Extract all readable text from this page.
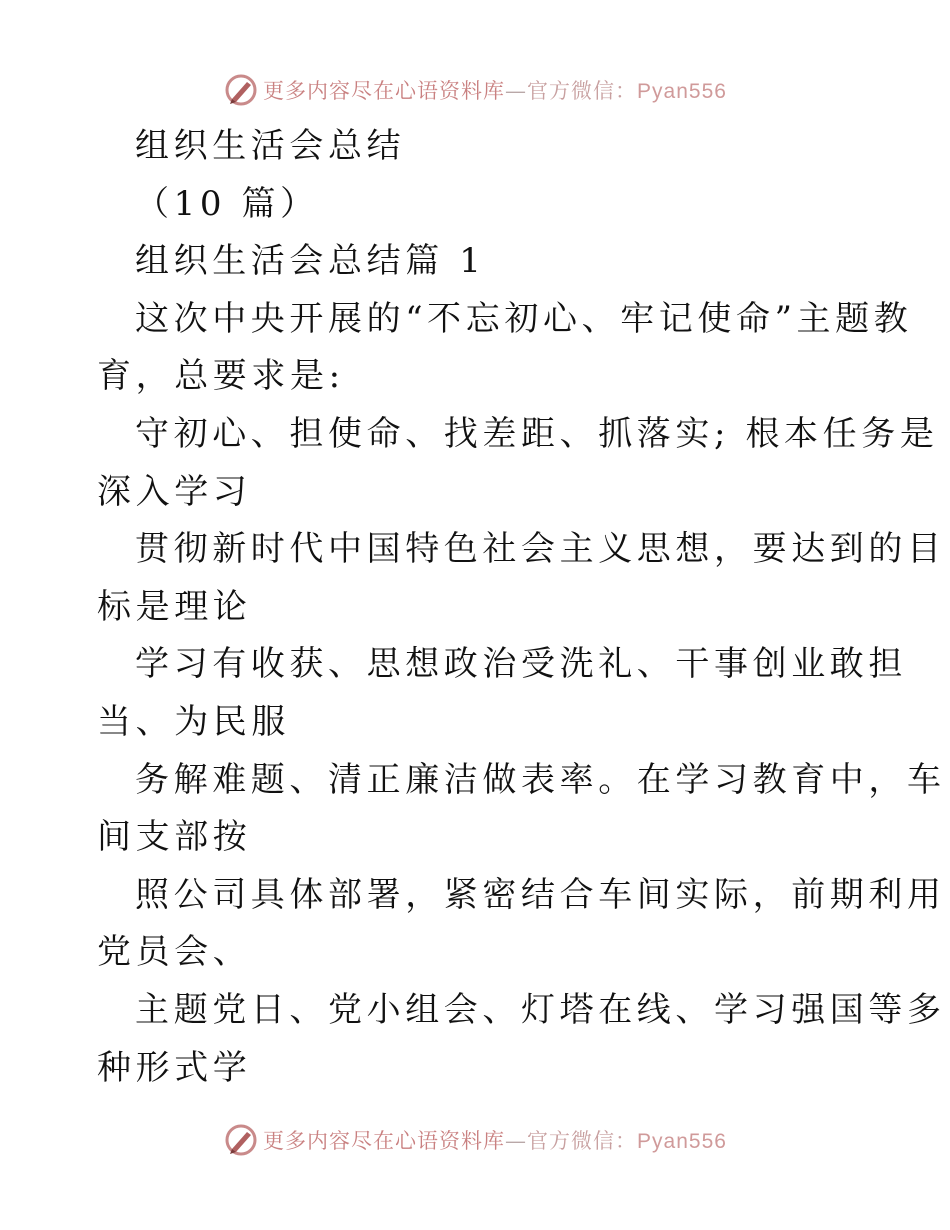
更多内容尽在心语资料库—官方微信：Pyan556
组织生活会总结
（10 篇）
组织生活会总结篇 1
这次中央开展的“不忘初心、牢记使命”主题教
育，总要求是:
守初心、担使命、找差距、抓落实; 根本任务是
深入学习
贯彻新时代中国特色社会主义思想，要达到的目
标是理论
学习有收获、思想政治受洗礼、干事创业敢担
当、为民服
务解难题、清正廉洁做表率。在学习教育中，车
间支部按
照公司具体部署，紧密结合车间实际，前期利用
党员会、
主题党日、党小组会、灯塔在线、学习强国等多
种形式学
更多内容尽在心语资料库—官方微信：Pyan556
